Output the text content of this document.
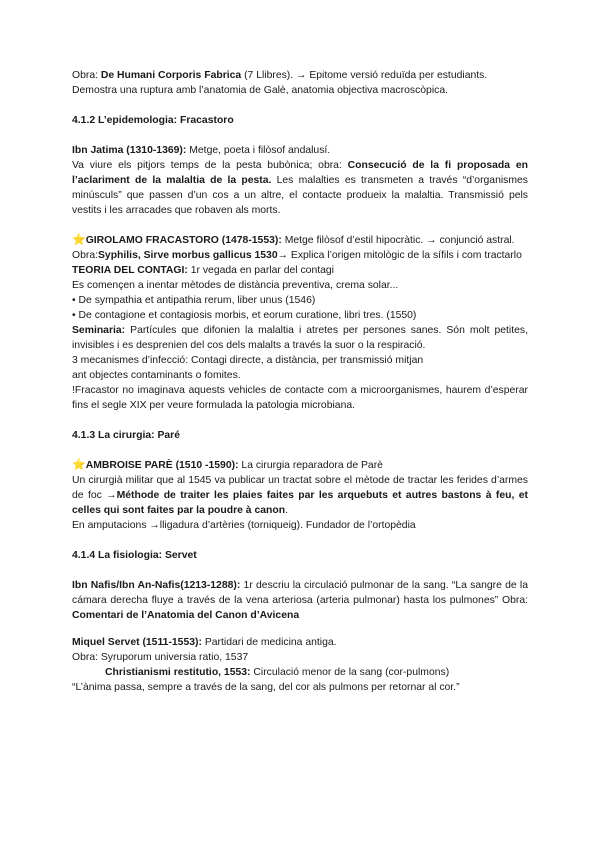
Obra: De Humani Corporis Fabrica (7 Llibres). → Epitome versió reduïda per estudiants.

Demostra una ruptura amb l’anatomia de Galè, anatomia objectiva macroscòpica.

4.1.2 L’epidemologia: Fracastoro

Ibn Jatima (1310-1369): Metge, poeta i filòsof andalusí.

Va viure els pitjors temps de la pesta bubònica; obra: Consecució de la fi proposada en l’aclariment de la malaltia de la pesta. Les malalties es transmeten a través “d’organismes minúsculs” que passen d’un cos a un altre, el contacte produeix la malaltia. Transmissió pels vestits i les arracades que robaven als morts.

⭐GIROLAMO FRACASTORO (1478-1553): Metge filòsof d’estil hipocràtic. → conjunció astral.

Obra:Syphilis, Sirve morbus gallicus 1530→ Explica l’origen mitològic de la sífils i com tractarlo

TEORIA DEL CONTAGI: 1r vegada en parlar del contagi

Es començen a inentar mètodes de distància preventiva, crema solar...

• De sympathia et antipathia rerum, liber unus (1546)

• De contagione et contagiosis morbis, et eorum curatione, libri tres. (1550)

Seminaria: Partícules que difonien la malaltia i atretes per persones sanes. Són molt petites, invisibles i es desprenien del cos dels malalts a través la suor o la respiració.

3 mecanismes d’infecció: Contagi directe, a distància, per transmissió mitjan

ant objectes contaminants o fomites.

!Fracastor no imaginava aquests vehicles de contacte com a microorganismes, haurem d’esperar fins el segle XIX per veure formulada la patologia microbiana.

4.1.3 La cirurgia: Paré

⭐AMBROISE PARÈ (1510 -1590): La cirurgia reparadora de Parè

Un cirurgià militar que al 1545 va publicar un tractat sobre el mètode de tractar les ferides d’armes de foc →Méthode de traiter les plaies faites par les arquebuts et autres bastons à feu, et celles qui sont faites par la poudre à canon.

En amputacions →lligadura d’artèries (torniqueig). Fundador de l’ortopèdia

4.1.4 La fisiologia: Servet

Ibn Nafis/Ibn An-Nafis(1213-1288): 1r descriu la circulació pulmonar de la sang. “La sangre de la cámara derecha fluye a través de la vena arteriosa (arteria pulmonar) hasta los pulmones” Obra: Comentari de l’Anatomia del Canon d’Avicena

Miquel Servet (1511-1553): Partidari de medicina antiga.

Obra: Syruporum universia ratio, 1537

Christianismi restitutio, 1553: Circulació menor de la sang (cor-pulmons)

“L’ànima passa, sempre a través de la sang, del cor als pulmons per retornar al cor.”
